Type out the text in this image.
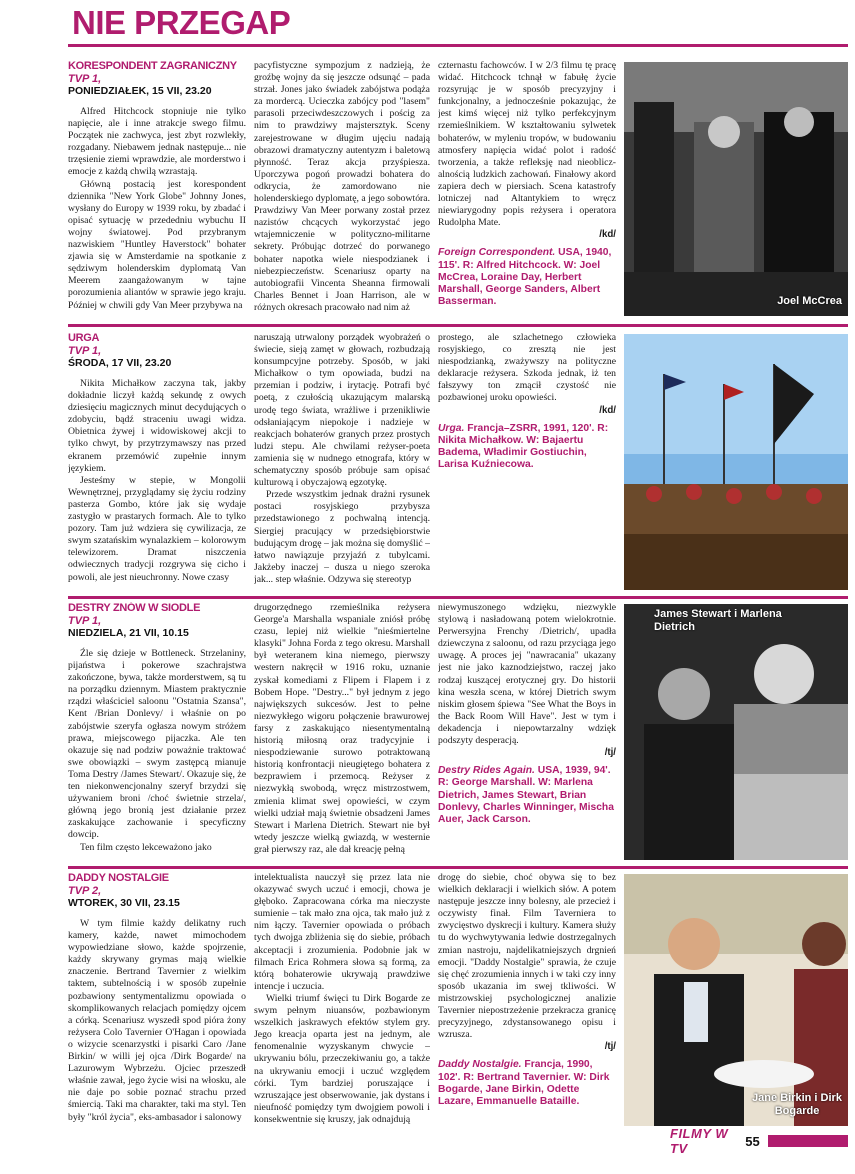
NIE PRZEGAP
KORESPONDENT ZAGRANICZNY
TVP 1,
PONIEDZIAŁEK, 15 VII, 23.20

Alfred Hitchcock stopniuje nie tylko napięcie, ale i inne atrakcje swego filmu. Początek nie zachwyca, jest zbyt rozwlekły, rozgadany. Niebawem jednak następuje... nie trzęsienie ziemi wprawdzie, ale morderstwo i emocje z każdą chwilą wzrastają.

Główną postacią jest korespondent dziennika "New York Globe" Johnny Jones, wysłany do Europy w 1939 roku, by zbadać i opisać sytuację w przededniu wybuchu II wojny światowej. Pod przybranym nazwiskiem "Huntley Haverstock" bohater zjawia się w Amsterdamie na spotkanie z sędziwym holenderskim dyplomatą Van Meerem zaangażowanym w tajne porozumienia aliantów w sprawie jego kraju. Później w chwili gdy Van Meer przybywa na

pacyfistyczne sympozjum z nadzieją, że groźbę wojny da się jeszcze odsunąć – pada strzał. Jones jako świadek zabójstwa podąża za mordercą. Ucieczka zabójcy pod "lasem" parasoli przeciwdeszczowych i pościg za nim to prawdziwy majstersztyk. Sceny zarejestrowane w długim ujęciu nadają obrazowi dramatyczny autentyzm i baletową płynność. Teraz akcja przyśpiesza. Uporczywa pogoń prowadzi bohatera do odkrycia, że zamordowano nie holenderskiego dyplomatę, a jego sobowtóra. Prawdziwy Van Meer porwany został przez nazistów chcących wykorzystać jego wtajemniczenie w polityczno-militarne sekrety. Próbując dotrzeć do porwanego bohater napotka wiele niespodzianek i niebezpieczeństw. Scenariusz oparty na autobiografii Vincenta Sheanna firmowali Charles Bennet i Joan Harrison, ale w różnych okresach pracowało nad nim aż

czternastu fachowców. I w 2/3 filmu tę pracę widać. Hitchcock tchnął w fabułę życie rozsyrując je w sposób precyzyjny i funkcjonalny, a jednocześnie pokazując, że jest kimś więcej niż tylko perfekcyjnym rzemieślnikiem. W kształtowaniu sylwetek bohaterów, w myleniu tropów, w budowaniu atmosfery napięcia widać polot i radość tworzenia, a także refleksję nad nieobliczalnością ludzkich zachowań. Finałowy akord zapiera dech w piersiach. Scena katastrofy lotniczej nad Altantykiem to wręcz niewiarygodny popis reżysera i operatora Rudolpha Mate.

/kd/

Foreign Correspondent. USA, 1940, 115'. R: Alfred Hitchcock. W: Joel McCrea, Loraine Day, Herbert Marshall, George Sanders, Albert Basserman.	Joel McCrea
URGA
TVP 1,
ŚRODA, 17 VII, 23.20

Nikita Michałkow zaczyna tak, jakby dokładnie liczył każdą sekundę z owych dziesięciu magicznych minut decydujących o zdobyciu, bądź straceniu uwagi widza. Obietnica żywej i widowiskowej akcji to tylko chwyt, by przytrzymawszy nas przed ekranem przemówić zupełnie innym językiem.

Jesteśmy w stepie, w Mongolii Wewnętrznej, przyglądamy się życiu rodziny pasterza Gombo, które jak się wydaje zastygło w prastarych formach. Ale to tylko pozory. Tam już wdziera się cywilizacja, ze swym szatańskim wynalazkiem – kolorowym telewizorem. Dramat niszczenia odwiecznych tradycji rozgrywa się cicho i powoli, ale jest nieuchronny. Nowe czasy

naruszają utrwalony porządek wyobrażeń o świecie, sieją zamęt w głowach, rozbudzają konsumpcyjne potrzeby. Sposób, w jaki Michałkow o tym opowiada, budzi na przemian i podziw, i irytację. Potrafi być poetą, z czułością ukazującym malarską urodę tego świata, wrażliwe i przenikliwie odsłaniającym niepokoje i nadzieje w reakcjach bohaterów granych przez prostych ludzi stepu. Ale chwilami reżyser-poeta zamienia się w nudnego etnografa, który w schematyczny sposób próbuje sam opisać kulturową i obyczajową egzotykę.

Przede wszystkim jednak drażni rysunek postaci rosyjskiego przybysza przedstawionego z pochwalną intencją. Siergiej pracujący w przedsiębiorstwie budującym drogę – jak można się domyślić – łatwo nawiązuje przyjaźń z tubylcami. Jakżeby inaczej – dusza u niego szeroka jak... step właśnie. Odzywa się stereotyp

prostego, ale szlachetnego człowieka rosyjskiego, co zresztą nie jest niespodzianką, zważywszy na polityczne deklaracje reżysera. Szkoda jednak, iż ten fałszywy ton zmącił czystość nie pozbawionej uroku opowieści.

/kd/

Urga. Francja–ZSRR, 1991, 120'. R: Nikita Michałkow. W: Bajaertu Badema, Władimir Gostiuchin, Larisa Kuźniecowa.
DESTRY ZNÓW W SIODLE
TVP 1,
NIEDZIELA, 21 VII, 10.15

Źle się dzieje w Bottleneck. Strzelaniny, pijaństwa i pokerowe szachrajstwa zakończone, bywa, także morderstwem, są tu na porządku dziennym. Miastem praktycznie rządzi właściciel saloonu "Ostatnia Szansa", Kent /Brian Donlevy/ i właśnie on po zabójstwie szeryfa ogłasza nowym stróżem prawa, miejscowego pijaczka. Ale ten okazuje się nad podziw poważnie traktować swe obowiązki – swym zastępcą mianuje Toma Destry /James Stewart/. Okazuje się, że ten niekonwencjonalny szeryf brzydzi się używaniem broni /choć świetnie strzela/, główną jego bronią jest działanie przez zaskakujące zachowanie i specyficzny dowcip.

Ten film często lekceważono jako

drugorzędnego rzemieślnika reżysera George'a Marshalla wspaniale zniósł próbę czasu, lepiej niż wielkie "nieśmiertelne klasyki" Johna Forda z tego okresu. Marshall był weteranem kina niemego, pierwszy western nakręcił w 1916 roku, uznanie zyskał komediami z Flipem i Flapem i z Bobem Hope. "Destry..." był jednym z jego największych sukcesów. Jest to pełne niezwykłego wigoru połączenie brawurowej farsy z zaskakująco niesentymentalną historią miłosną oraz tradycyjnie i niespodziewanie surowo potraktowaną historią konfrontacji nieugiętego bohatera z bezprawiem i przemocą. Reżyser z niezwykłą swobodą, wręcz mistrzostwem, zmienia klimat swej opowieści, w czym wielki udział mają świetnie obsadzeni James Stewart i Marlena Dietrich. Stewart nie był wtedy jeszcze wielką gwiazdą, w westernie grał pierwszy raz, ale dał kreację pełną

niewymuszonego wdzięku, niezwykle stylową i nasładowaną potem wielokrotnie. Perwersyjna Frenchy /Dietrich/, upadła dziewczyna z saloonu, od razu przyciąga jego uwagę. A proces jej "nawracania" ukazany jest nie jako kaznodziejstwo, raczej jako rodzaj kuszącej erotycznej gry. Do historii kina weszła scena, w której Dietrich swym niskim głosem śpiewa "See What the Boys in the Back Room Will Have". Jest w tym i dekadencja i niepowtarzalny wdzięk podszyty desperacją.

/tj/

Destry Rides Again. USA, 1939, 94'. R: George Marshall. W: Marlena Dietrich, James Stewart, Brian Donlevy, Charles Winninger, Mischa Auer, Jack Carson.
James Stewart i Marlena Dietrich
DADDY NOSTALGIE
TVP 2,
WTOREK, 30 VII, 23.15

W tym filmie każdy delikatny ruch kamery, każde, nawet mimochodem wypowiedziane słowo, każde spojrzenie, każdy skrywany grymas mają wielkie znaczenie. Bertrand Tavernier z wielkim taktem, subtelnością i w sposób zupełnie pozbawiony sentymentalizmu opowiada o skomplikowanych relacjach pomiędzy ojcem a córką. Scenariusz wyszedł spod pióra żony reżysera Colo Tavernier O'Hagan i opowiada o wizycie scenarzystki i pisarki Caro /Jane Birkin/ w willi jej ojca /Dirk Bogarde/ na Lazurowym Wybrzeżu. Ojciec przeszedł właśnie zawał, jego życie wisi na włosku, ale nie daje po sobie poznać strachu przed śmiercią. Taki ma charakter, taki ma styl. Ten były "król życia", eks-ambasador i salonowy

intelektualista nauczył się przez lata nie okazywać swych uczuć i emocji, chowa je głęboko. Zapracowana córka ma nieczyste sumienie – tak mało zna ojca, tak mało już z nim łączy. Tavernier opowiada o próbach tych dwojga zbliżenia się do siebie, próbach akceptacji i zrozumienia. Podobnie jak w filmach Erica Rohmera słowa są formą, za którą bohaterowie ukrywają prawdziwe intencje i uczucia.

Wielki triumf święci tu Dirk Bogarde ze swym pełnym niuansów, pozbawionym wszelkich jaskrawych efektów stylem gry. Jego kreacja oparta jest na jednym, ale fenomenalnie wyzyskanym chwycie – ukrywaniu bólu, przeczekiwaniu go, a także na ukrywaniu emocji i uczuć względem córki. Tym bardziej poruszające i wzruszające jest obserwowanie, jak dystans i nieufność pomiędzy tym dwojgiem powoli i konsekwentnie się kruszy, jak odnajdują

drogę do siebie, choć obywa się to bez wielkich deklaracji i wielkich słów. A potem następuje jeszcze inny bolesny, ale przecież i oczywisty finał. Film Taverniera to zwycięstwo dyskrecji i kultury. Kamera służy tu do wychwytywania ledwie dostrzegalnych zmian nastroju, najdelikatniejszych drgnień emocji. "Daddy Nostalgie" sprawia, że czuje się chęć zrozumienia innych i w taki czy inny sposób ukazania im swej tkliwości. W mistrzowskiej psychologicznej analizie Tavernier niepostrzeżenie przekracza granicę precyzyjnego, zdystansowanego opisu i wzrusza.

/tj/

Daddy Nostalgie. Francja, 1990, 102'. R: Bertrand Tavernier. W: Dirk Bogarde, Jane Birkin, Odette Lazare, Emmanuelle Bataille.	Jane Birkin i Dirk Bogarde
FILMY W TV	55
